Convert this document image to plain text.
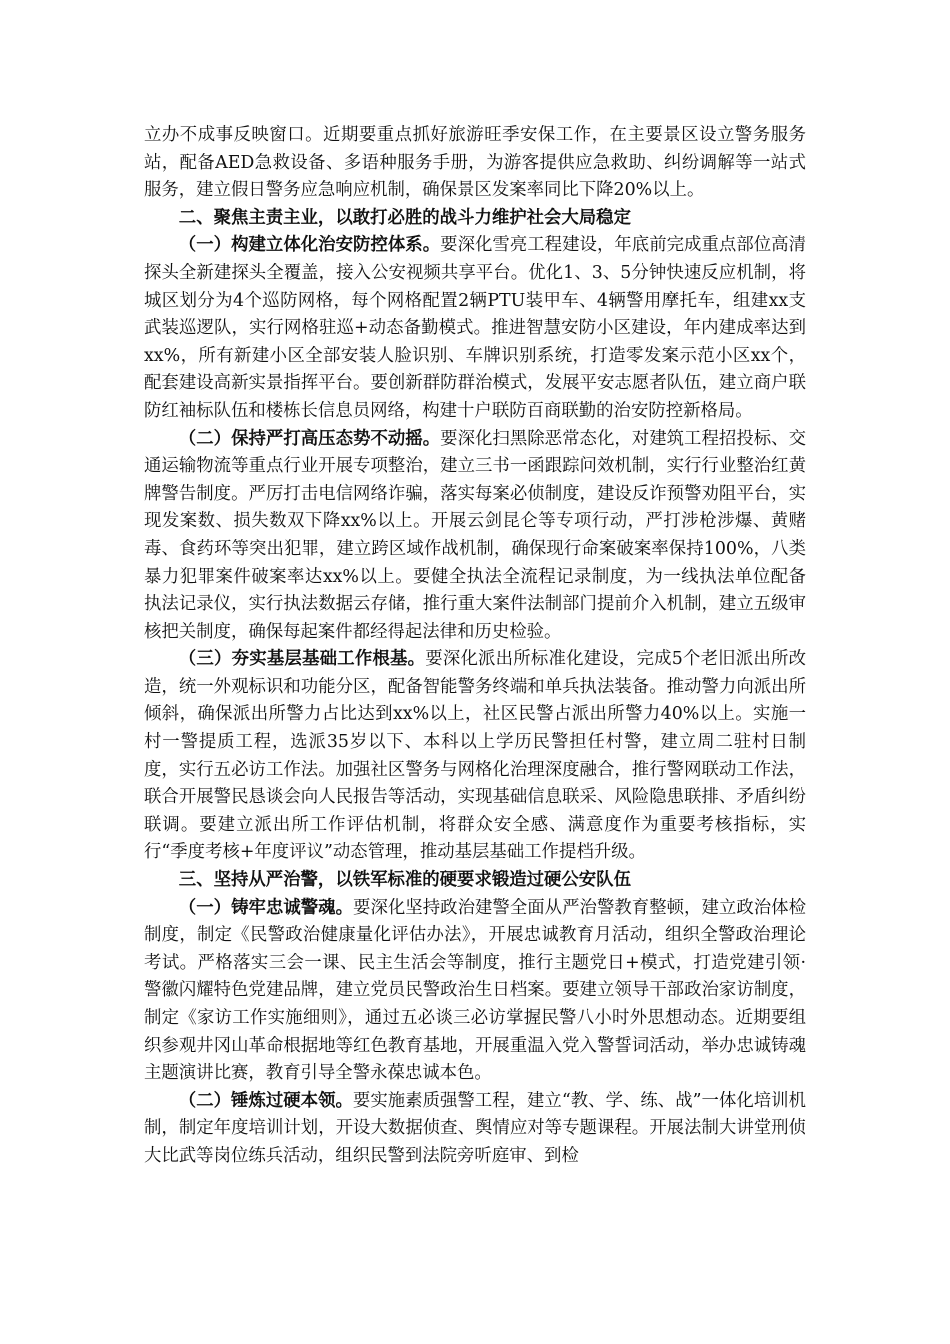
立办不成事反映窗口。近期要重点抓好旅游旺季安保工作，在主要景区设立警务服务站，配备AED急救设备、多语种服务手册，为游客提供应急救助、纠纷调解等一站式服务，建立假日警务应急响应机制，确保景区发案率同比下降20%以上。

二、聚焦主责主业，以敢打必胜的战斗力维护社会大局稳定

（一）构建立体化治安防控体系。要深化雪亮工程建设，年底前完成重点部位高清探头全新建探头全覆盖，接入公安视频共享平台。优化1、3、5分钟快速反应机制，将城区划分为4个巡防网格，每个网格配置2辆PTU装甲车、4辆警用摩托车，组建xx支武装巡逻队，实行网格驻巡+动态备勤模式。推进智慧安防小区建设，年内建成率达到xx%，所有新建小区全部安装人脸识别、车牌识别系统，打造零发案示范小区xx个，配套建设高新实景指挥平台。要创新群防群治模式，发展平安志愿者队伍，建立商户联防红袖标队伍和楼栋长信息员网络，构建十户联防百商联勤的治安防控新格局。

（二）保持严打高压态势不动摇。要深化扫黑除恶常态化，对建筑工程招投标、交通运输物流等重点行业开展专项整治，建立三书一函跟踪问效机制，实行行业整治红黄牌警告制度。严厉打击电信网络诈骗，落实每案必侦制度，建设反诈预警劝阻平台，实现发案数、损失数双下降xx%以上。开展云剑昆仑等专项行动，严打涉枪涉爆、黄赌毒、食药环等突出犯罪，建立跨区域作战机制，确保现行命案破案率保持100%，八类暴力犯罪案件破案率达xx%以上。要健全执法全流程记录制度，为一线执法单位配备执法记录仪，实行执法数据云存储，推行重大案件法制部门提前介入机制，建立五级审核把关制度，确保每起案件都经得起法律和历史检验。

（三）夯实基层基础工作根基。要深化派出所标准化建设，完成5个老旧派出所改造，统一外观标识和功能分区，配备智能警务终端和单兵执法装备。推动警力向派出所倾斜，确保派出所警力占比达到xx%以上，社区民警占派出所警力40%以上。实施一村一警提质工程，选派35岁以下、本科以上学历民警担任村警，建立周二驻村日制度，实行五必访工作法。加强社区警务与网格化治理深度融合，推行警网联动工作法，联合开展警民恳谈会向人民报告等活动，实现基础信息联采、风险隐患联排、矛盾纠纷联调。要建立派出所工作评估机制，将群众安全感、满意度作为重要考核指标，实行“季度考核+年度评议”动态管理，推动基层基础工作提档升级。

三、坚持从严治警，以铁军标准的硬要求锻造过硬公安队伍

（一）铸牢忠诚警魂。要深化坚持政治建警全面从严治警教育整顿，建立政治体检制度，制定《民警政治健康量化评估办法》，开展忠诚教育月活动，组织全警政治理论考试。严格落实三会一课、民主生活会等制度，推行主题党日+模式，打造党建引领·警徽闪耀特色党建品牌，建立党员民警政治生日档案。要建立领导干部政治家访制度，制定《家访工作实施细则》，通过五必谈三必访掌握民警八小时外思想动态。近期要组织参观井冈山革命根据地等红色教育基地，开展重温入党入警誓词活动，举办忠诚铸魂主题演讲比赛，教育引导全警永葆忠诚本色。

（二）锤炼过硬本领。要实施素质强警工程，建立“教、学、练、战”一体化培训机制，制定年度培训计划，开设大数据侦查、舆情应对等专题课程。开展法制大讲堂刑侦大比武等岗位练兵活动，组织民警到法院旁听庭审、到检
